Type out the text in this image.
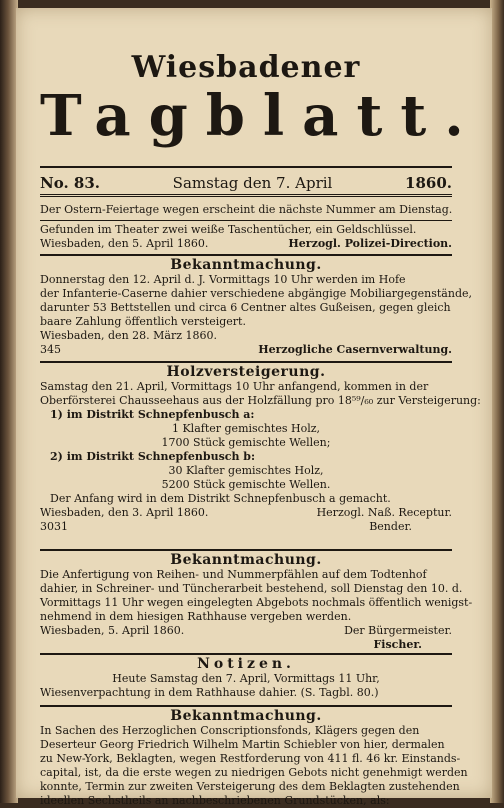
Wiesbadener
Tagblatt.
No. 83.	Samstag den 7. April	1860.
Der Ostern-Feiertage wegen erscheint die nächste Nummer am Dienstag.
Gefunden im Theater zwei weiße Taschentücher, ein Geldschlüssel.
Wiesbaden, den 5. April 1860.	Herzogl. Polizei-Direction.
Bekanntmachung.
Donnerstag den 12. April d. J. Vormittags 10 Uhr werden im Hofe
der Infanterie-Caserne dahier verschiedene abgängige Mobiliargegenstände,
darunter 53 Bettstellen und circa 6 Centner altes Gußeisen, gegen gleich
baare Zahlung öffentlich versteigert.
Wiesbaden, den 28. März 1860.
345	Herzogliche Casernverwaltung.
Holzversteigerung.
Samstag den 21. April, Vormittags 10 Uhr anfangend, kommen in der
Oberförsterei Chausseehaus aus der Holzfällung pro 18⁵⁹/₆₀ zur Versteigerung:
1) im Distrikt Schnepfenbusch a:
1 Klafter gemischtes Holz,
1700 Stück gemischte Wellen;
2) im Distrikt Schnepfenbusch b:
30 Klafter gemischtes Holz,
5200 Stück gemischte Wellen.
Der Anfang wird in dem Distrikt Schnepfenbusch a gemacht.
Wiesbaden, den 3. April 1860.	Herzogl. Naß. Receptur.
3031	Bender.
Bekanntmachung.
Die Anfertigung von Reihen- und Nummerpfählen auf dem Todtenhof
dahier, in Schreiner- und Tüncherarbeit bestehend, soll Dienstag den 10. d.
Vormittags 11 Uhr wegen eingelegten Abgebots nochmals öffentlich wenigst-
nehmend in dem hiesigen Rathhause vergeben werden.
Wiesbaden, 5. April 1860.	Der Bürgermeister.
Fischer.
Notizen.
Heute Samstag den 7. April, Vormittags 11 Uhr,
Wiesenverpachtung in dem Rathhause dahier. (S. Tagbl. 80.)
Bekanntmachung.
In Sachen des Herzoglichen Conscriptionsfonds, Klägers gegen den
Deserteur Georg Friedrich Wilhelm Martin Schiebler von hier, dermalen
zu New-York, Beklagten, wegen Restforderung von 411 fl. 46 kr. Einstands-
capital, ist, da die erste wegen zu niedrigen Gebots nicht genehmigt werden
konnte, Termin zur zweiten Versteigerung des dem Beklagten zustehenden
ideellen Sechstheils an nachbeschriebenen Grundstücken, als:
